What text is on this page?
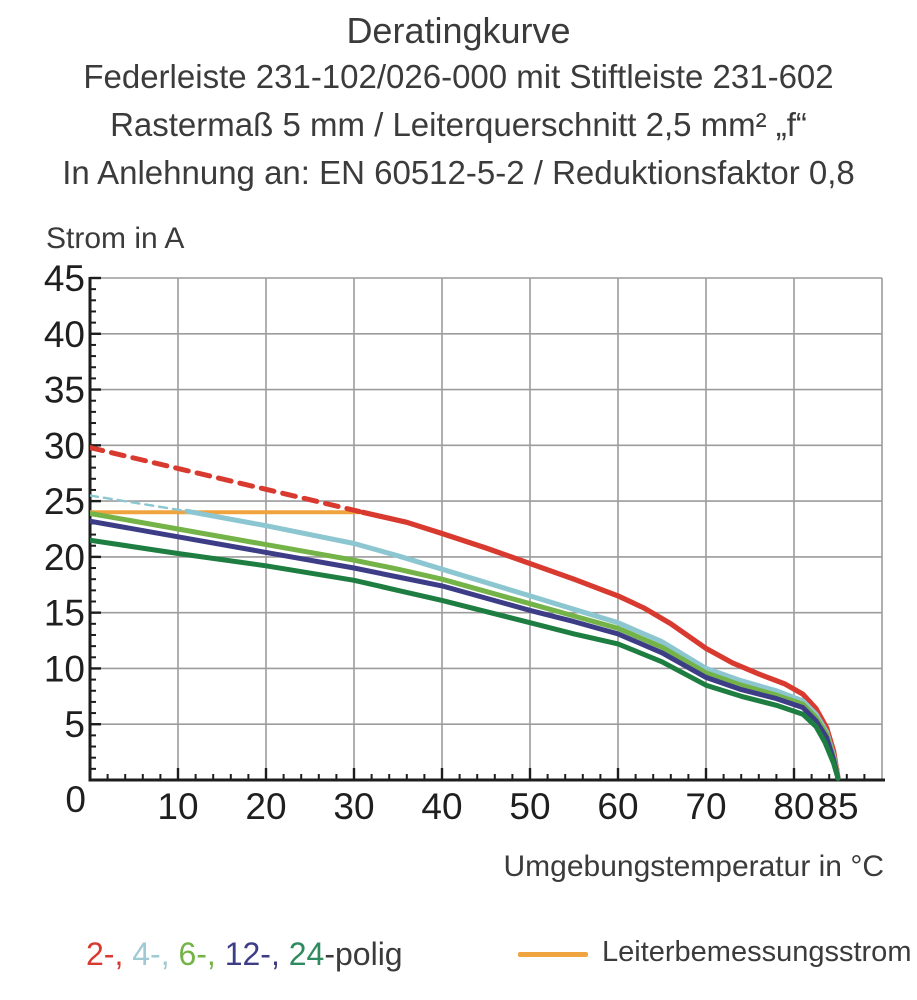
Deratingkurve
Federleiste 231-102/026-000 mit Stiftleiste 231-602
Rastermaß 5 mm / Leiterquerschnitt 2,5 mm² „f“
In Anlehnung an: EN 60512-5-2 / Reduktionsfaktor 0,8
Strom in A
10 20 30 40 50 60 70 80 85
5
10
15
20
25
30
35
40
45
0
Umgebungstemperatur in °C
2-, 4-, 6-, 12-, 24-polig	Leiterbemessungsstrom
